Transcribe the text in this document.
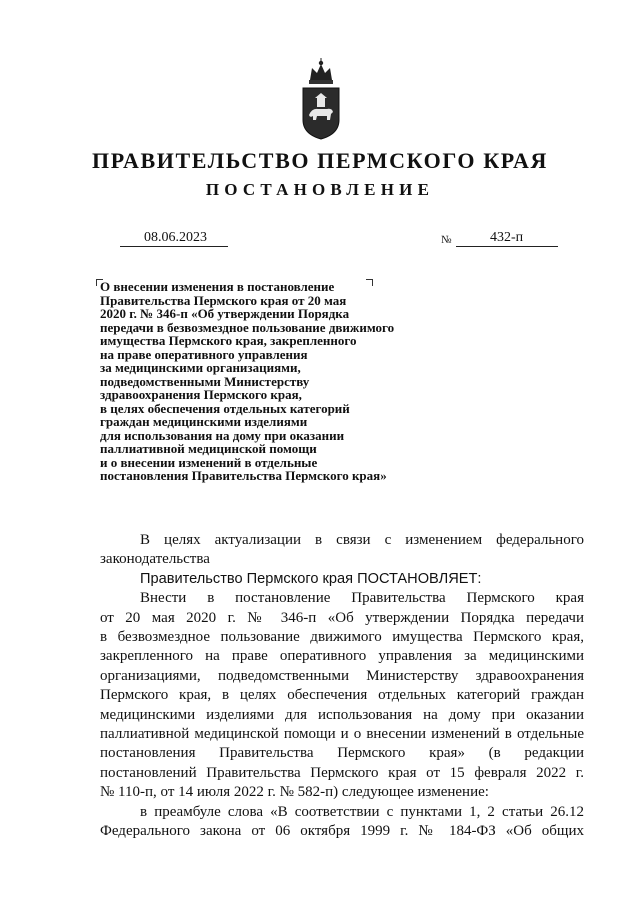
ПРАВИТЕЛЬСТВО ПЕРМСКОГО КРАЯ
ПОСТАНОВЛЕНИЕ
08.06.2023	№	432-п
О внесении изменения в постановление
Правительства Пермского края от 20 мая
2020 г. № 346-п «Об утверждении Порядка
передачи в безвозмездное пользование движимого
имущества Пермского края, закрепленного
на праве оперативного управления
за медицинскими организациями,
подведомственными Министерству
здравоохранения Пермского края,
в целях обеспечения отдельных категорий
граждан медицинскими изделиями
для использования на дому при оказании
паллиативной медицинской помощи
и о внесении изменений в отдельные
постановления Правительства Пермского края»
В целях актуализации в связи с изменением федерального
законодательства
Правительство Пермского края ПОСТАНОВЛЯЕТ:
Внести в постановление Правительства Пермского края
от 20 мая 2020 г. № 346-п «Об утверждении Порядка передачи
в безвозмездное пользование движимого имущества Пермского края,
закрепленного на праве оперативного управления за медицинскими
организациями, подведомственными Министерству здравоохранения
Пермского края, в целях обеспечения отдельных категорий граждан
медицинскими изделиями для использования на дому при оказании
паллиативной медицинской помощи и о внесении изменений в отдельные
постановления Правительства Пермского края» (в редакции
постановлений Правительства Пермского края от 15 февраля 2022 г.
№ 110-п, от 14 июля 2022 г. № 582-п) следующее изменение:
в преамбуле слова «В соответствии с пунктами 1, 2 статьи 26.12
Федерального закона от 06 октября 1999 г. № 184-ФЗ «Об общих
